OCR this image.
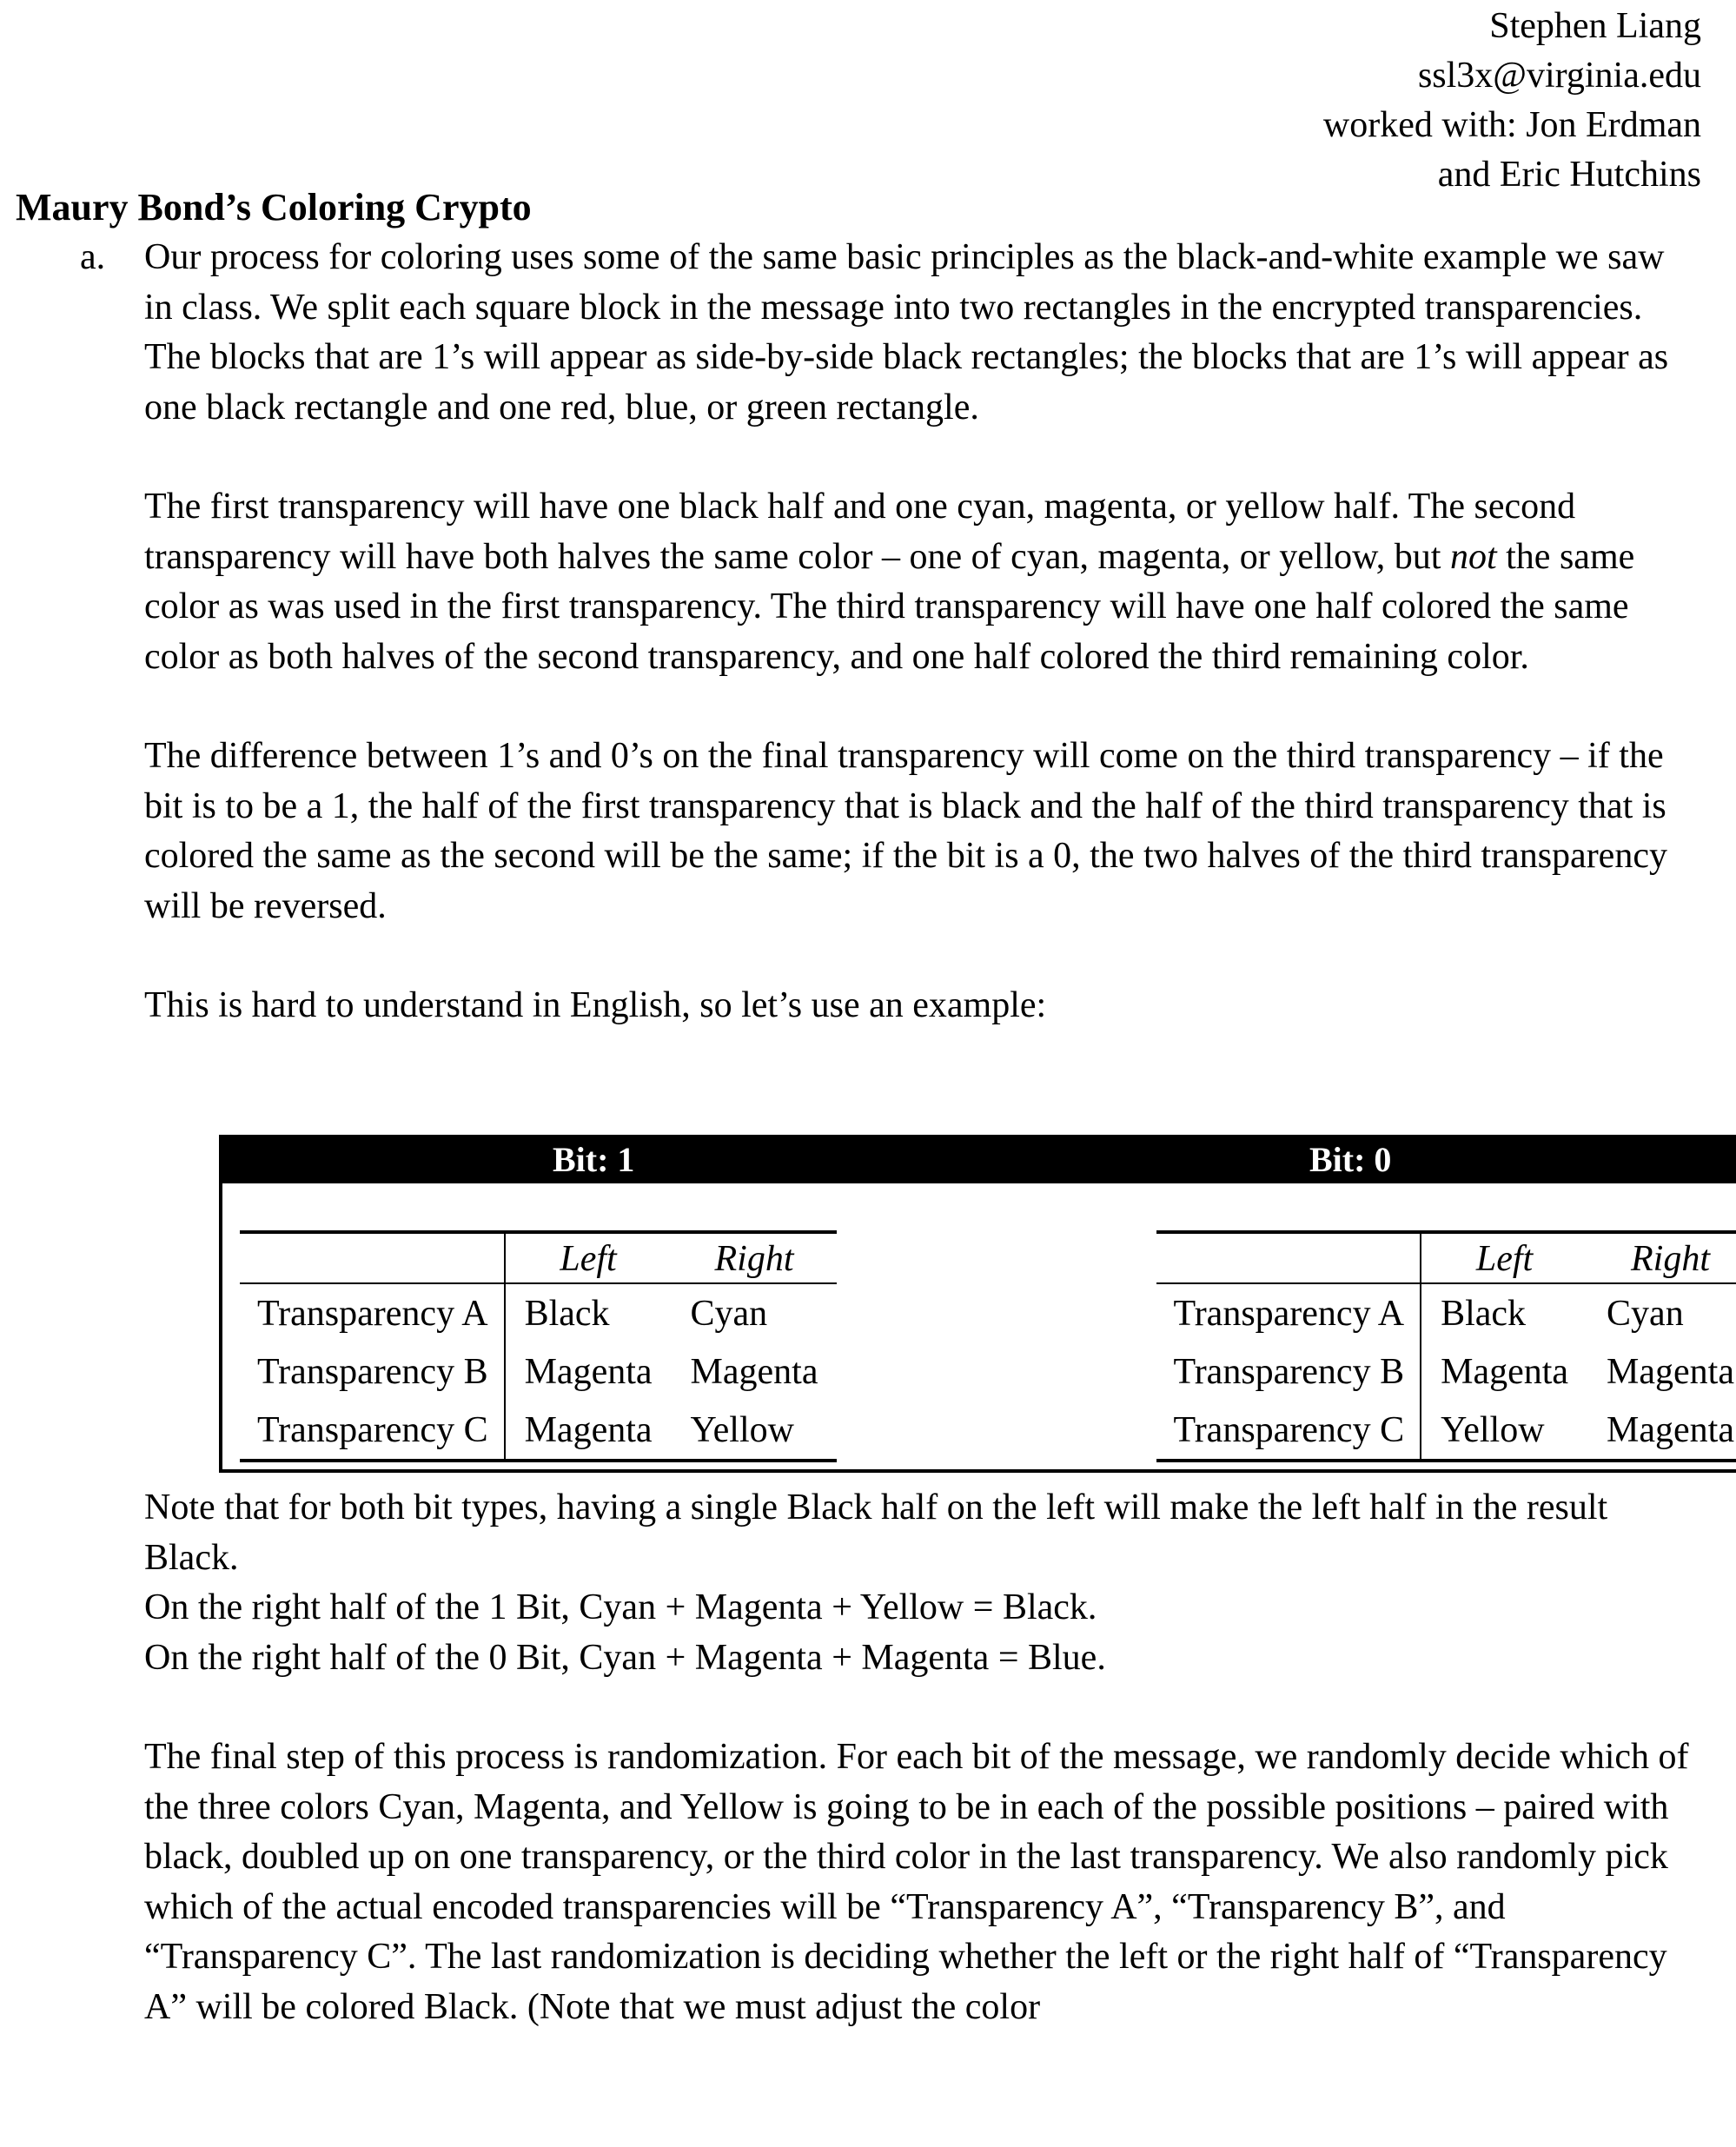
Stephen Liang
ssl3x@virginia.edu
worked with: Jon Erdman
and Eric Hutchins
Maury Bond’s Coloring Crypto
a. Our process for coloring uses some of the same basic principles as the black-and-white example we saw in class. We split each square block in the message into two rectangles in the encrypted transparencies. The blocks that are 1’s will appear as side-by-side black rectangles; the blocks that are 1’s will appear as one black rectangle and one red, blue, or green rectangle.

The first transparency will have one black half and one cyan, magenta, or yellow half. The second transparency will have both halves the same color – one of cyan, magenta, or yellow, but not the same color as was used in the first transparency. The third transparency will have one half colored the same color as both halves of the second transparency, and one half colored the third remaining color.

The difference between 1’s and 0’s on the final transparency will come on the third transparency – if the bit is to be a 1, the half of the first transparency that is black and the half of the third transparency that is colored the same as the second will be the same; if the bit is a 0, the two halves of the third transparency will be reversed.

This is hard to understand in English, so let’s use an example:

Bit: 1	Bit: 0
	Left	Right
Transparency A	Black	Cyan
Transparency B	Magenta	Magenta
Transparency C	Magenta	Yellow
	Left	Right
Transparency A	Black	Cyan
Transparency B	Magenta	Magenta
Transparency C	Yellow	Magenta

Note that for both bit types, having a single Black half on the left will make the left half in the result Black.

On the right half of the 1 Bit, Cyan + Magenta + Yellow = Black.

On the right half of the 0 Bit, Cyan + Magenta + Magenta = Blue.

The final step of this process is randomization. For each bit of the message, we randomly decide which of the three colors Cyan, Magenta, and Yellow is going to be in each of the possible positions – paired with black, doubled up on one transparency, or the third color in the last transparency. We also randomly pick which of the actual encoded transparencies will be “Transparency A”, “Transparency B”, and “Transparency C”. The last randomization is deciding whether the left or the right half of “Transparency A” will be colored Black. (Note that we must adjust the color
